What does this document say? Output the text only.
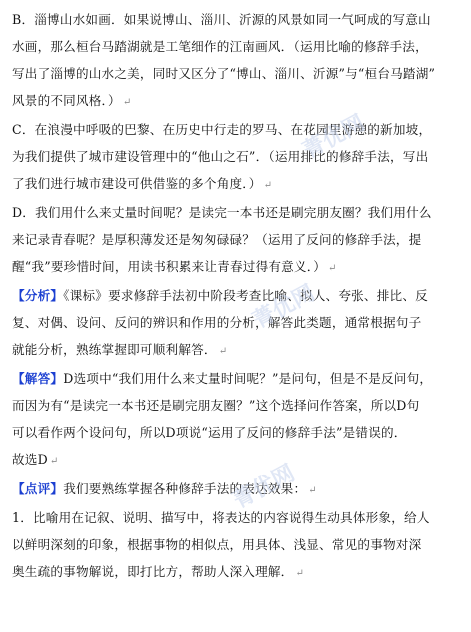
B．淄博山水如画．如果说博山、淄川、沂源的风景如同一气呵成的写意山
水画，那么桓台马踏湖就是工笔细作的江南画风．（运用比喻的修辞手法，
写出了淄博的山水之美，同时又区分了“博山、淄川、沂源”与“桓台马踏湖”
风景的不同风格．） ↵

C．在浪漫中呼吸的巴黎、在历史中行走的罗马、在花园里游憩的新加坡，
为我们提供了城市建设管理中的“他山之石”．（运用排比的修辞手法，写出
了我们进行城市建设可供借鉴的多个角度．） ↵

D．我们用什么来丈量时间呢？是读完一本书还是刷完朋友圈？我们用什么
来记录青春呢？是厚积薄发还是匆匆碌碌？（运用了反问的修辞手法，提
醒“我”要珍惜时间，用读书积累来让青春过得有意义．） ↵

【分析】《课标》要求修辞手法初中阶段考查比喻、拟人、夸张、排比、反
复、对偶、设问、反问的辨识和作用的分析，解答此类题，通常根据句子
就能分析，熟练掌握即可顺利解答． ↵

【解答】D选项中“我们用什么来丈量时间呢？”是问句，但是不是反问句，
而因为有“是读完一本书还是刷完朋友圈？”这个选择问作答案，所以D句
可以看作两个设问句，所以D项说“运用了反问的修辞手法”是错误的．
故选D ↵

【点评】我们要熟练掌握各种修辞手法的表达效果： ↵
1．比喻用在记叙、说明、描写中，将表达的内容说得生动具体形象，给人
以鲜明深刻的印象，根据事物的相似点，用具体、浅显、常见的事物对深
奥生疏的事物解说，即打比方，帮助人深入理解． ↵

菁优网
菁优网
菁优网
